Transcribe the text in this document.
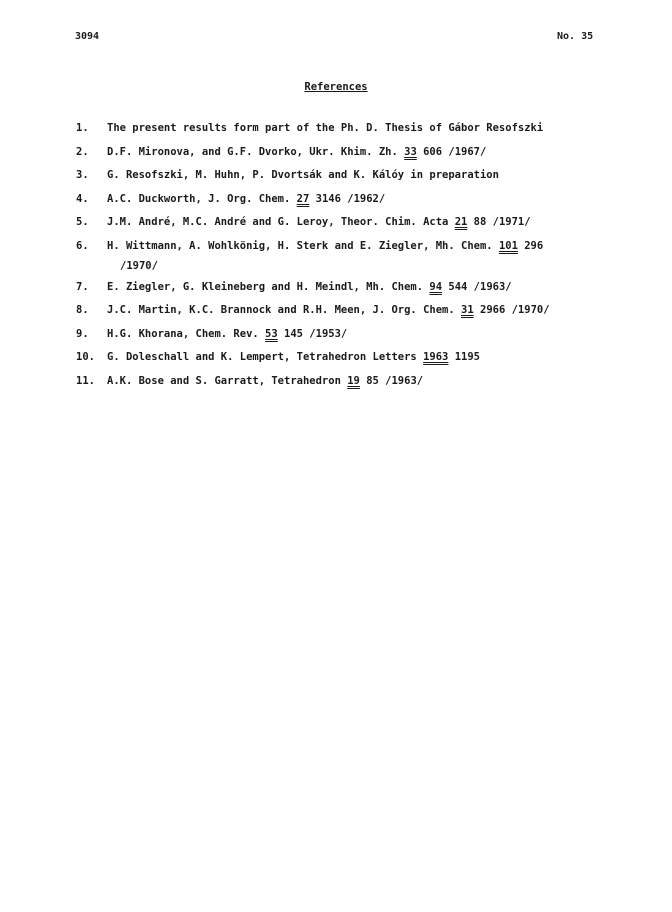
3094	No. 35
References
1.	The present results form part of the Ph. D. Thesis of Gábor Resofszki
2.	D.F. Mironova, and G.F. Dvorko, Ukr. Khim. Zh. 33 606 /1967/
3.	G. Resofszki, M. Huhn, P. Dvortsák and K. Kálóy in preparation
4.	A.C. Duckworth, J. Org. Chem. 27 3146 /1962/
5.	J.M. André, M.C. André and G. Leroy, Theor. Chim. Acta 21 88 /1971/
6.	H. Wittmann, A. Wohlkönig, H. Sterk and E. Ziegler, Mh. Chem. 101 296
/1970/
7.	E. Ziegler, G. Kleineberg and H. Meindl, Mh. Chem. 94 544 /1963/
8.	J.C. Martin, K.C. Brannock and R.H. Meen, J. Org. Chem. 31 2966 /1970/
9.	H.G. Khorana, Chem. Rev. 53 145 /1953/
10.	G. Doleschall and K. Lempert, Tetrahedron Letters 1963 1195
11.	A.K. Bose and S. Garratt, Tetrahedron 19 85 /1963/
